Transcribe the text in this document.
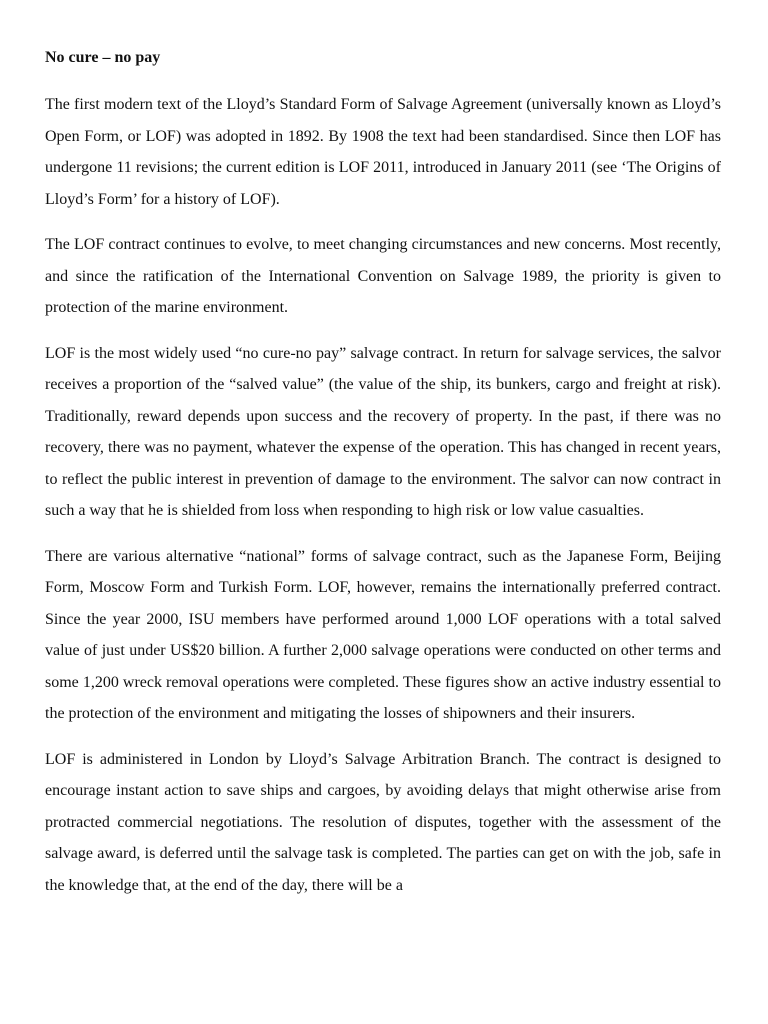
No cure – no pay

The first modern text of the Lloyd’s Standard Form of Salvage Agreement (universally known as Lloyd’s Open Form, or LOF) was adopted in 1892. By 1908 the text had been standardised. Since then LOF has undergone 11 revisions; the current edition is LOF 2011, introduced in January 2011 (see ‘The Origins of Lloyd’s Form’ for a history of LOF).

The LOF contract continues to evolve, to meet changing circumstances and new concerns. Most recently, and since the ratification of the International Convention on Salvage 1989, the priority is given to protection of the marine environment.

LOF is the most widely used “no cure-no pay” salvage contract. In return for salvage services, the salvor receives a proportion of the “salved value” (the value of the ship, its bunkers, cargo and freight at risk). Traditionally, reward depends upon success and the recovery of property. In the past, if there was no recovery, there was no payment, whatever the expense of the operation. This has changed in recent years, to reflect the public interest in prevention of damage to the environment. The salvor can now contract in such a way that he is shielded from loss when responding to high risk or low value casualties.

There are various alternative “national” forms of salvage contract, such as the Japanese Form, Beijing Form, Moscow Form and Turkish Form. LOF, however, remains the internationally preferred contract. Since the year 2000, ISU members have performed around 1,000 LOF operations with a total salved value of just under US$20 billion. A further 2,000 salvage operations were conducted on other terms and some 1,200 wreck removal operations were completed. These figures show an active industry essential to the protection of the environment and mitigating the losses of shipowners and their insurers.

LOF is administered in London by Lloyd’s Salvage Arbitration Branch. The contract is designed to encourage instant action to save ships and cargoes, by avoiding delays that might otherwise arise from protracted commercial negotiations. The resolution of disputes, together with the assessment of the salvage award, is deferred until the salvage task is completed. The parties can get on with the job, safe in the knowledge that, at the end of the day, there will be a
